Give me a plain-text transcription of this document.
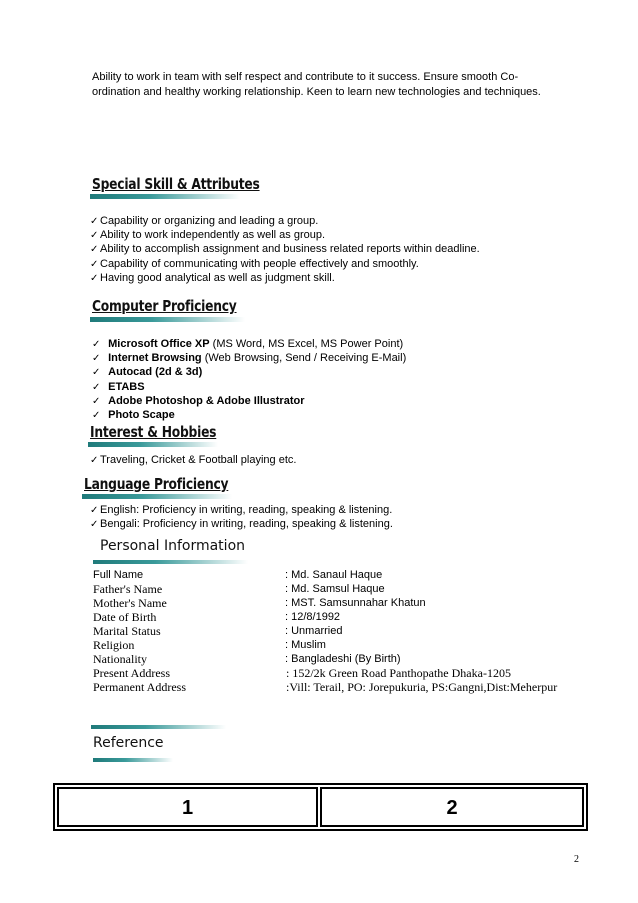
Ability to work in team with self respect and contribute to it success. Ensure smooth Co-ordination and healthy working relationship. Keen to learn new technologies and techniques.
Special Skill & Attributes
✓ Capability or organizing and leading a group.
✓ Ability to work independently as well as group.
✓ Ability to accomplish assignment and business related reports within deadline.
✓ Capability of communicating with people effectively and smoothly.
✓ Having good analytical as well as judgment skill.
Computer Proficiency
✓ Microsoft Office XP (MS Word, MS Excel, MS Power Point)
✓ Internet Browsing (Web Browsing, Send / Receiving E-Mail)
✓ Autocad (2d & 3d)
✓ ETABS
✓ Adobe Photoshop & Adobe Illustrator
✓ Photo Scape
Interest & Hobbies
✓ Traveling, Cricket & Football playing etc.
Language Proficiency
✓ English: Proficiency in writing, reading, speaking & listening.
✓ Bengali: Proficiency in writing, reading, speaking & listening.
Personal Information
Full Name	: Md. Sanaul Haque
Father's Name	: Md. Samsul Haque
Mother's Name	: MST. Samsunnahar Khatun
Date of Birth	: 12/8/1992
Marital Status	: Unmarried
Religion	: Muslim
Nationality	: Bangladeshi (By Birth)
Present Address	: 152/2k Green Road Panthopathe Dhaka-1205
Permanent Address	:Vill: Terail, PO: Jorepukuria, PS:Gangni,Dist:Meherpur
Reference
1	2
2
